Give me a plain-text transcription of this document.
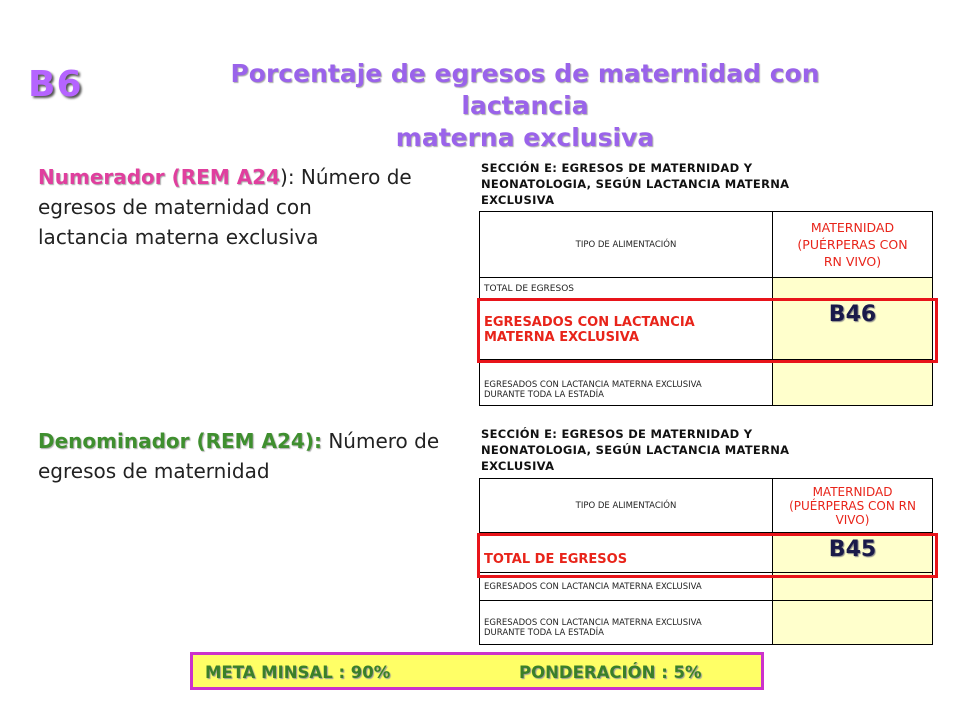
B6	Porcentaje de egresos de maternidad con lactancia
materna exclusiva
Numerador (REM A24): Número de
egresos de maternidad con
lactancia materna exclusiva
Denominador (REM A24): Número de
egresos de maternidad
SECCIÓN E: EGRESOS DE MATERNIDAD Y
NEONATOLOGIA, SEGÚN LACTANCIA MATERNA
EXCLUSIVA
TIPO DE ALIMENTACIÓN	MATERNIDAD
(PUÉRPERAS CON
RN VIVO)

TOTAL DE EGRESOS	

EGRESADOS CON LACTANCIA
MATERNA EXCLUSIVA	B46

EGRESADOS CON LACTANCIA MATERNA EXCLUSIVA
DURANTE TODA LA ESTADÍA	

SECCIÓN E: EGRESOS DE MATERNIDAD Y
NEONATOLOGIA, SEGÚN LACTANCIA MATERNA
EXCLUSIVA
TIPO DE ALIMENTACIÓN	MATERNIDAD
(PUÉRPERAS CON RN
VIVO)

TOTAL DE EGRESOS	B45
EGRESADOS CON LACTANCIA MATERNA EXCLUSIVA	

EGRESADOS CON LACTANCIA MATERNA EXCLUSIVA
DURANTE TODA LA ESTADÍA	

META MINSAL : 90%	PONDERACIÓN : 5%
